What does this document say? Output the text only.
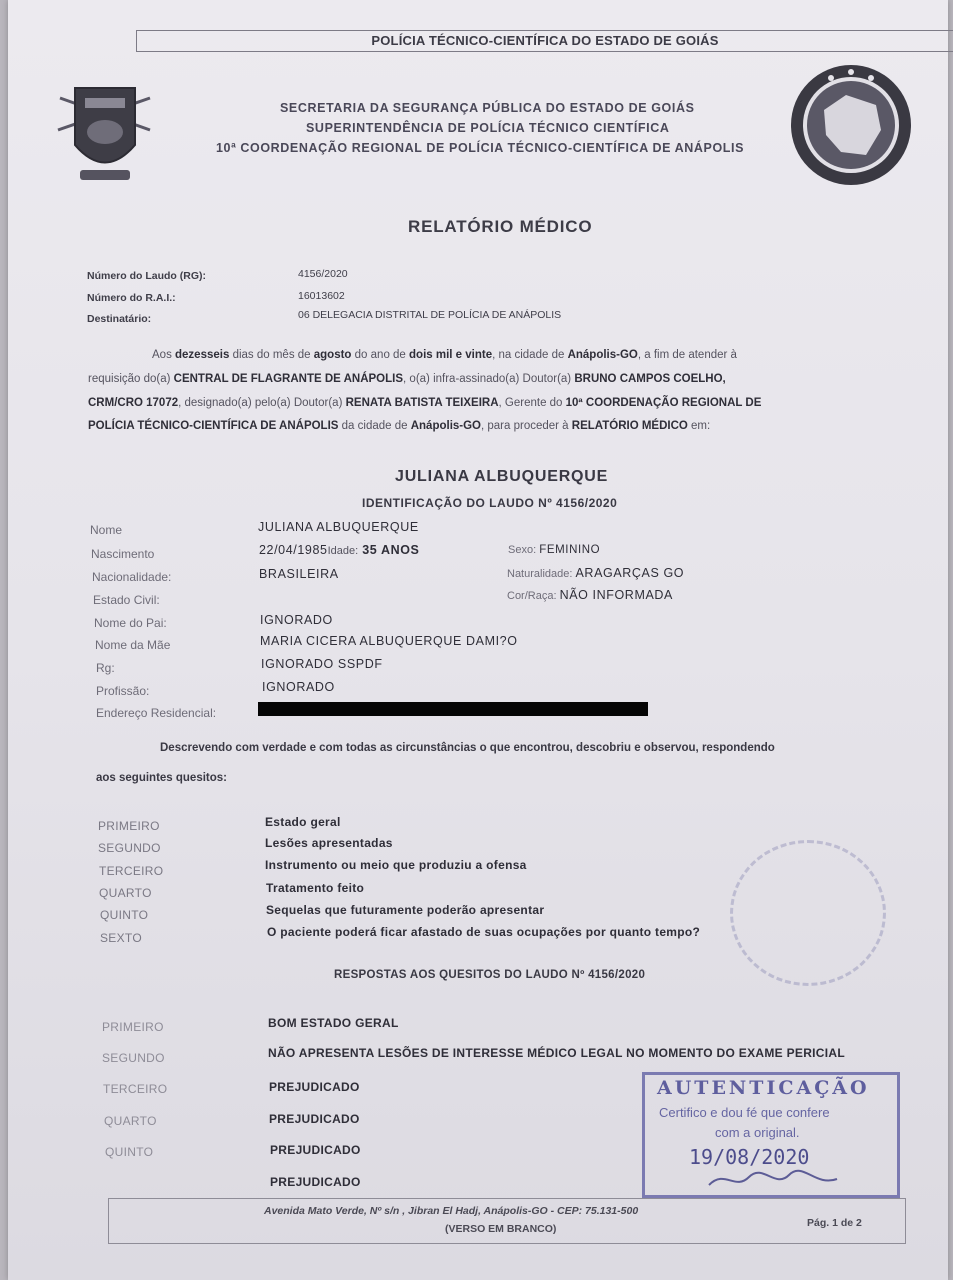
POLÍCIA TÉCNICO-CIENTÍFICA DO ESTADO DE GOIÁS
SECRETARIA DA SEGURANÇA PÚBLICA DO ESTADO DE GOIÁS
SUPERINTENDÊNCIA DE POLÍCIA TÉCNICO CIENTÍFICA
10ª COORDENAÇÃO REGIONAL DE POLÍCIA TÉCNICO-CIENTÍFICA DE ANÁPOLIS
RELATÓRIO MÉDICO
Número do Laudo (RG):	4156/2020
Número do R.A.I.:	16013602
Destinatário:	06 DELEGACIA DISTRITAL DE POLÍCIA DE ANÁPOLIS
Aos dezesseis dias do mês de agosto do ano de dois mil e vinte, na cidade de Anápolis-GO, a fim de atender à
requisição do(a) CENTRAL DE FLAGRANTE DE ANÁPOLIS, o(a) infra-assinado(a) Doutor(a) BRUNO CAMPOS COELHO,
CRM/CRO 17072, designado(a) pelo(a) Doutor(a) RENATA BATISTA TEIXEIRA, Gerente do 10ª COORDENAÇÃO REGIONAL DE
POLÍCIA TÉCNICO-CIENTÍFICA DE ANÁPOLIS da cidade de Anápolis-GO, para proceder à RELATÓRIO MÉDICO em:
JULIANA ALBUQUERQUE
IDENTIFICAÇÃO DO LAUDO Nº 4156/2020
Nome	JULIANA ALBUQUERQUE
Nascimento	22/04/1985Idade: 35 ANOS	Sexo: FEMININO
Nacionalidade:	BRASILEIRA	Naturalidade: ARAGARÇAS GO
Estado Civil:	Cor/Raça: NÃO INFORMADA
Nome do Pai:	IGNORADO
Nome da Mãe	MARIA CICERA ALBUQUERQUE DAMI?O
Rg:	IGNORADO SSPDF
Profissão:	IGNORADO
Endereço Residencial:
Descrevendo com verdade e com todas as circunstâncias o que encontrou, descobriu e observou, respondendo
aos seguintes quesitos:
PRIMEIRO	Estado geral
SEGUNDO	Lesões apresentadas
TERCEIRO	Instrumento ou meio que produziu a ofensa
QUARTO	Tratamento feito
QUINTO	Sequelas que futuramente poderão apresentar
SEXTO	O paciente poderá ficar afastado de suas ocupações por quanto tempo?
RESPOSTAS AOS QUESITOS DO LAUDO Nº 4156/2020
PRIMEIRO	BOM ESTADO GERAL
SEGUNDO	NÃO APRESENTA LESÕES DE INTERESSE MÉDICO LEGAL NO MOMENTO DO EXAME PERICIAL
TERCEIRO	PREJUDICADO
QUARTO	PREJUDICADO
QUINTO	PREJUDICADO
PREJUDICADO
AUTENTICAÇÃO
Certifico e dou fé que confere
com a original.
19/08/2020
Avenida Mato Verde, Nº s/n , Jibran El Hadj, Anápolis-GO - CEP: 75.131-500
(VERSO EM BRANCO)	Pág. 1 de 2
